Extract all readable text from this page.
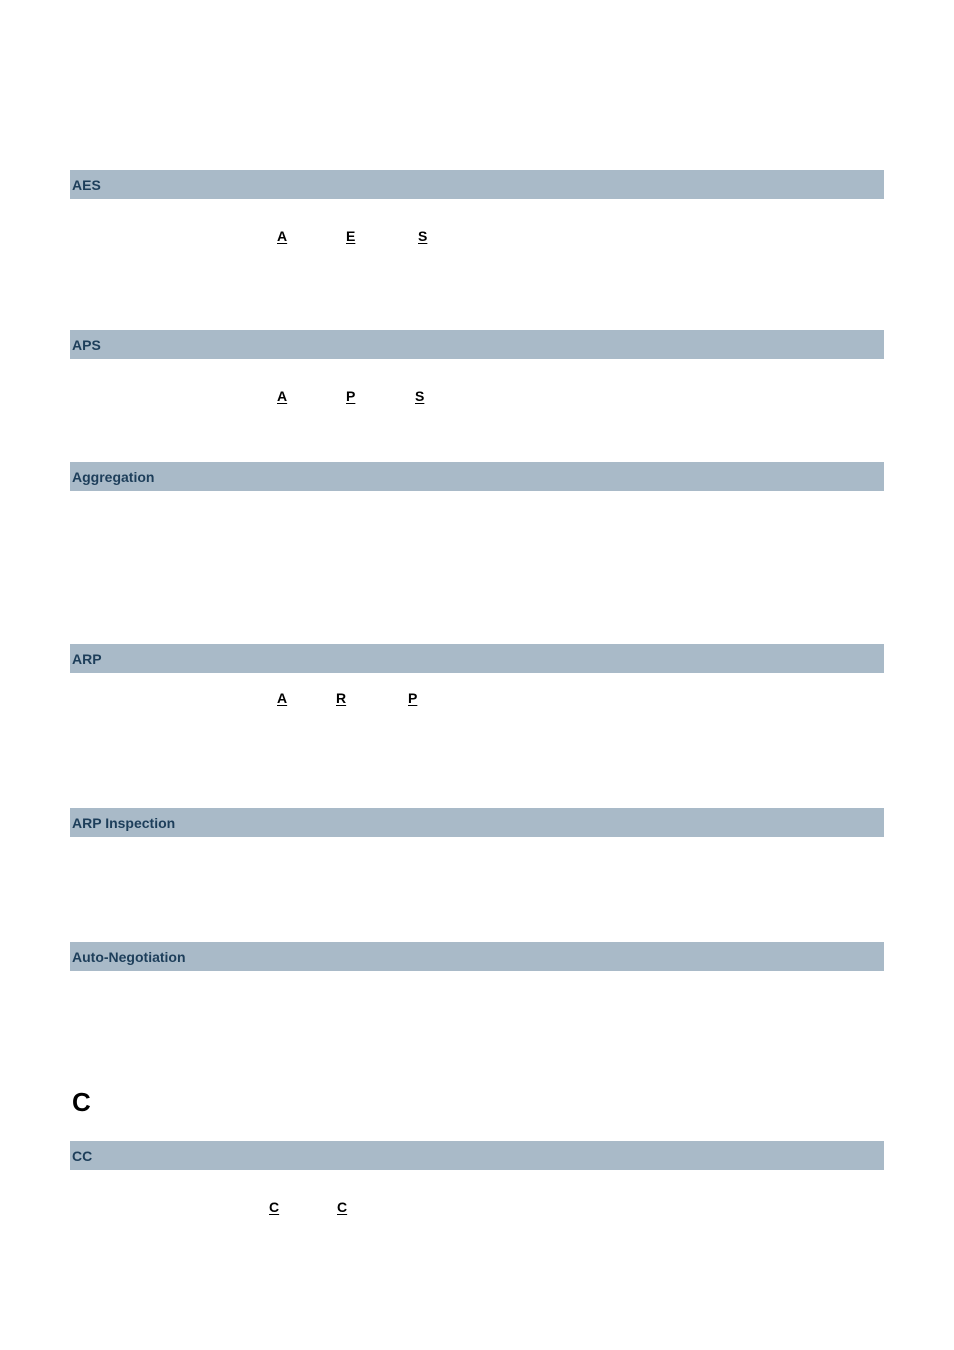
AES
A	E	S
APS
A	P	S
Aggregation
ARP
A	R	P
ARP Inspection
Auto-Negotiation
C
CC
C	C
